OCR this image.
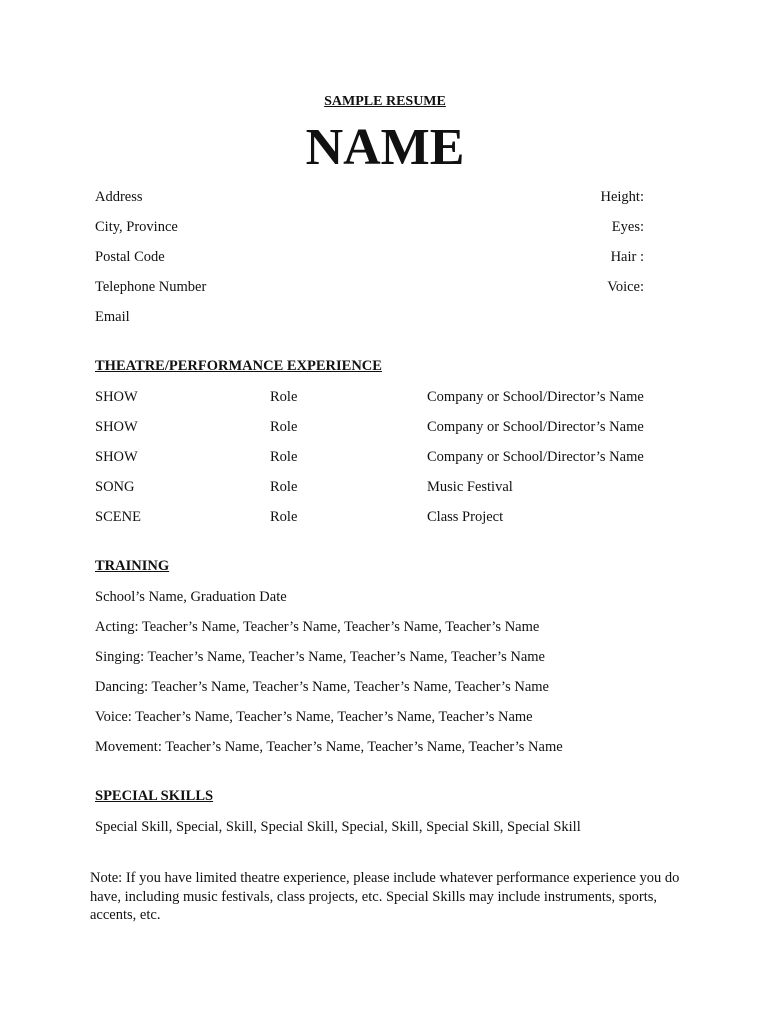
SAMPLE RESUME
NAME
Address
City, Province
Postal Code
Telephone Number
Email
Height:
Eyes:
Hair :
Voice:
THEATRE/PERFORMANCE EXPERIENCE
SHOW	Role	Company or School/Director’s Name
SHOW	Role	Company or School/Director’s Name
SHOW	Role	Company or School/Director’s Name
SONG	Role	Music Festival
SCENE	Role	Class Project
TRAINING
School’s Name, Graduation Date
Acting: Teacher’s Name, Teacher’s Name, Teacher’s Name, Teacher’s Name
Singing: Teacher’s Name, Teacher’s Name, Teacher’s Name, Teacher’s Name
Dancing: Teacher’s Name, Teacher’s Name, Teacher’s Name, Teacher’s Name
Voice: Teacher’s Name, Teacher’s Name, Teacher’s Name, Teacher’s Name
Movement: Teacher’s Name, Teacher’s Name, Teacher’s Name, Teacher’s Name
SPECIAL SKILLS
Special Skill, Special, Skill, Special Skill, Special, Skill, Special Skill, Special Skill
Note: If you have limited theatre experience, please include whatever performance experience you do have, including music festivals, class projects, etc. Special Skills may include instruments, sports, accents, etc.
